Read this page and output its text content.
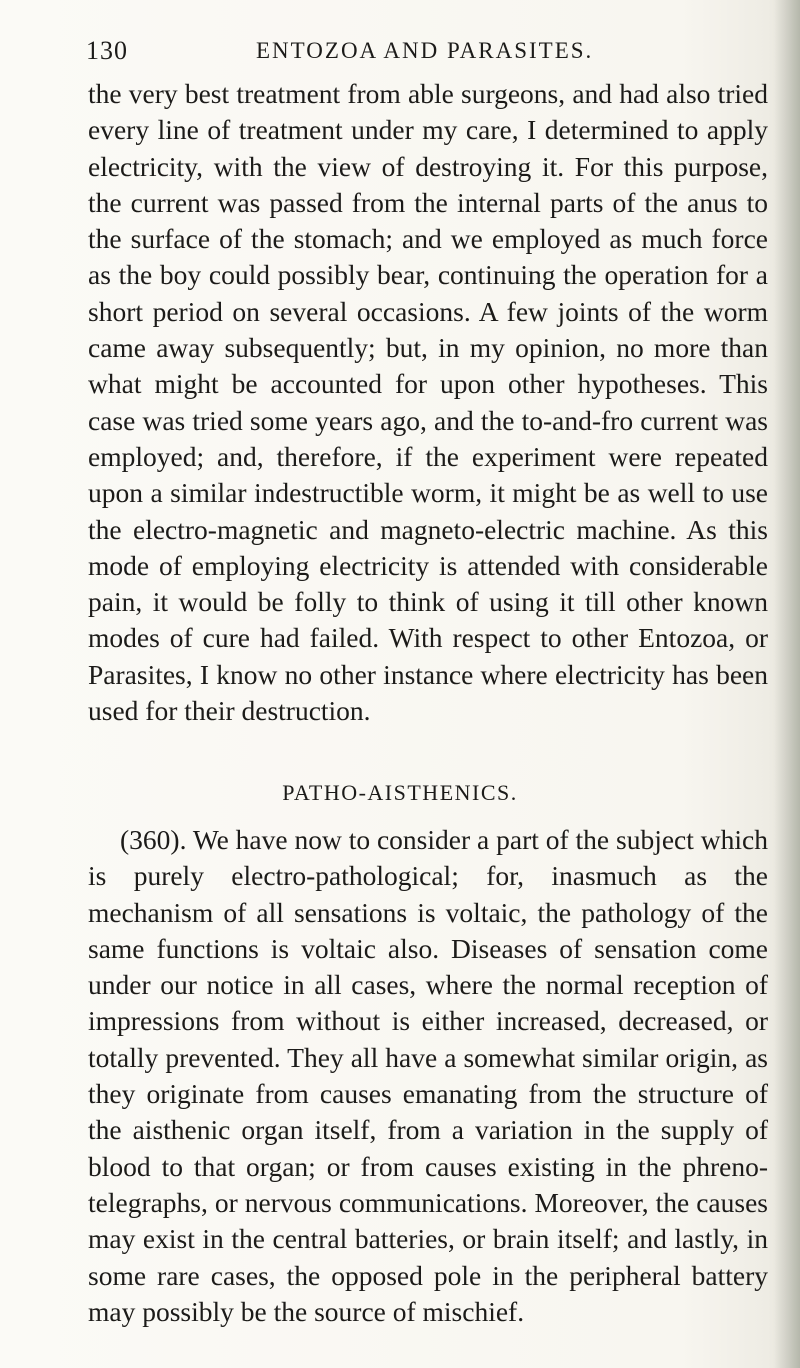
130	ENTOZOA AND PARASITES.

the very best treatment from able surgeons, and had also tried every line of treatment under my care, I determined to apply electricity, with the view of destroying it. For this purpose, the current was passed from the internal parts of the anus to the surface of the stomach; and we employed as much force as the boy could possibly bear, continuing the operation for a short period on several occasions. A few joints of the worm came away subsequently; but, in my opinion, no more than what might be accounted for upon other hypotheses. This case was tried some years ago, and the to-and-fro current was employed; and, therefore, if the experiment were repeated upon a similar indestructible worm, it might be as well to use the electro-magnetic and magneto-electric machine. As this mode of employing electricity is attended with considerable pain, it would be folly to think of using it till other known modes of cure had failed. With respect to other Entozoa, or Parasites, I know no other instance where electricity has been used for their destruction.

PATHO-AISTHENICS.

(360). We have now to consider a part of the subject which is purely electro-pathological; for, inasmuch as the mechanism of all sensations is voltaic, the pathology of the same functions is voltaic also. Diseases of sensation come under our notice in all cases, where the normal reception of impressions from without is either increased, decreased, or totally prevented. They all have a somewhat similar origin, as they originate from causes emanating from the structure of the aisthenic organ itself, from a variation in the supply of blood to that organ; or from causes existing in the phreno-telegraphs, or nervous communications. Moreover, the causes may exist in the central batteries, or brain itself; and lastly, in some rare cases, the opposed pole in the peripheral battery may possibly be the source of mischief.
